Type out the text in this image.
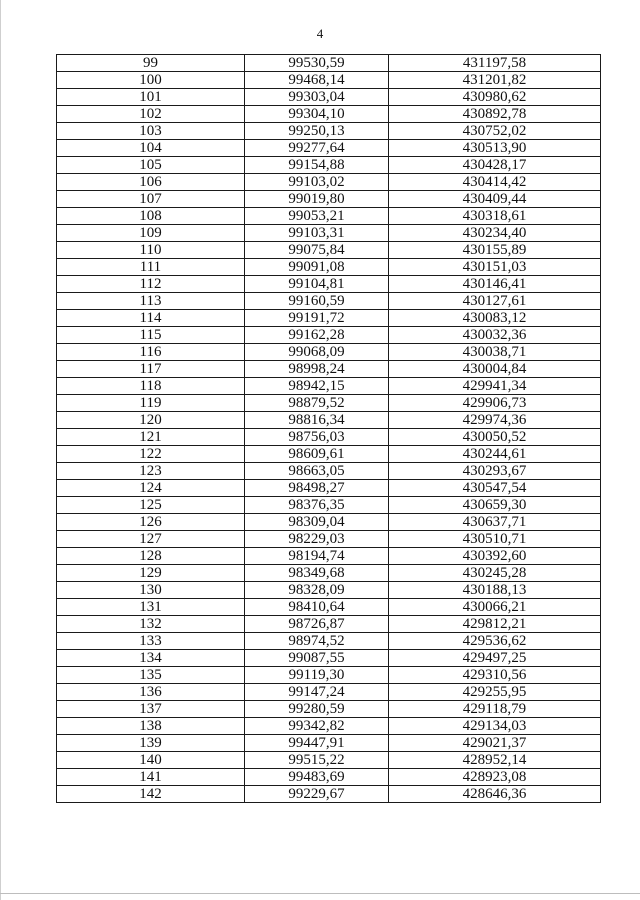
4
99	99530,59	431197,58
100	99468,14	431201,82
101	99303,04	430980,62
102	99304,10	430892,78
103	99250,13	430752,02
104	99277,64	430513,90
105	99154,88	430428,17
106	99103,02	430414,42
107	99019,80	430409,44
108	99053,21	430318,61
109	99103,31	430234,40
110	99075,84	430155,89
111	99091,08	430151,03
112	99104,81	430146,41
113	99160,59	430127,61
114	99191,72	430083,12
115	99162,28	430032,36
116	99068,09	430038,71
117	98998,24	430004,84
118	98942,15	429941,34
119	98879,52	429906,73
120	98816,34	429974,36
121	98756,03	430050,52
122	98609,61	430244,61
123	98663,05	430293,67
124	98498,27	430547,54
125	98376,35	430659,30
126	98309,04	430637,71
127	98229,03	430510,71
128	98194,74	430392,60
129	98349,68	430245,28
130	98328,09	430188,13
131	98410,64	430066,21
132	98726,87	429812,21
133	98974,52	429536,62
134	99087,55	429497,25
135	99119,30	429310,56
136	99147,24	429255,95
137	99280,59	429118,79
138	99342,82	429134,03
139	99447,91	429021,37
140	99515,22	428952,14
141	99483,69	428923,08
142	99229,67	428646,36
